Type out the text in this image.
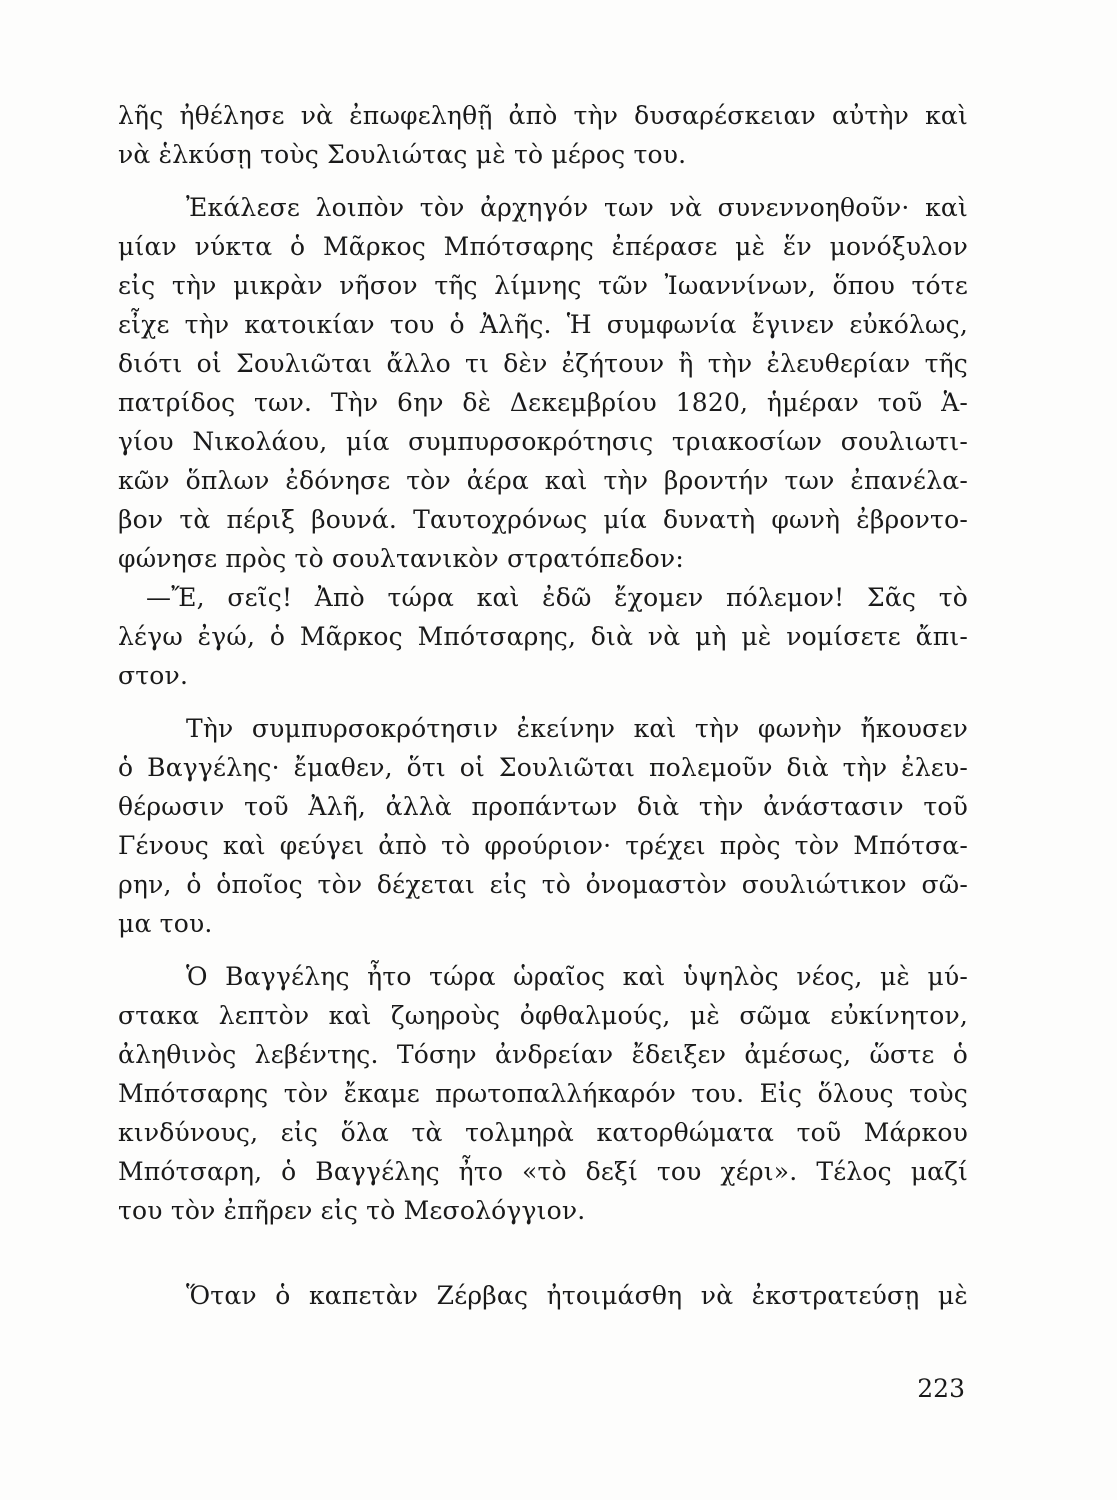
λῆς ἠθέλησε νὰ ἐπωφεληθῇ ἀπὸ τὴν δυσαρέσκειαν αὐτὴν καὶ
νὰ ἑλκύσῃ τοὺς Σουλιώτας μὲ τὸ μέρος του.
Ἐκάλεσε λοιπὸν τὸν ἀρχηγόν των νὰ συνεννοηθοῦν· καὶ
μίαν νύκτα ὁ Μᾶρκος Μπότσαρης ἐπέρασε μὲ ἕν μονόξυλον
εἰς τὴν μικρὰν νῆσον τῆς λίμνης τῶν Ἰωαννίνων, ὅπου τότε
εἶχε τὴν κατοικίαν του ὁ Ἀλῆς. Ἡ συμφωνία ἔγινεν εὐκόλως,
διότι οἱ Σουλιῶται ἄλλο τι δὲν ἐζήτουν ἢ τὴν ἐλευθερίαν τῆς
πατρίδος των. Τὴν 6ην δὲ Δεκεμβρίου 1820, ἡμέραν τοῦ Ἁ-
γίου Νικολάου, μία συμπυρσοκρότησις τριακοσίων σουλιωτι-
κῶν ὅπλων ἐδόνησε τὸν ἀέρα καὶ τὴν βροντήν των ἐπανέλα-
βον τὰ πέριξ βουνά. Ταυτοχρόνως μία δυνατὴ φωνὴ ἐβροντο-
φώνησε πρὸς τὸ σουλτανικὸν στρατόπεδον:
—Ἔ, σεῖς! Ἀπὸ τώρα καὶ ἐδῶ ἔχομεν πόλεμον! Σᾶς τὸ
λέγω ἐγώ, ὁ Μᾶρκος Μπότσαρης, διὰ νὰ μὴ μὲ νομίσετε ἄπι-
στον.
Τὴν συμπυρσοκρότησιν ἐκείνην καὶ τὴν φωνὴν ἤκουσεν
ὁ Βαγγέλης· ἔμαθεν, ὅτι οἱ Σουλιῶται πολεμοῦν διὰ τὴν ἐλευ-
θέρωσιν τοῦ Ἀλῆ, ἀλλὰ προπάντων διὰ τὴν ἀνάστασιν τοῦ
Γένους καὶ φεύγει ἀπὸ τὸ φρούριον· τρέχει πρὸς τὸν Μπότσα-
ρην, ὁ ὁποῖος τὸν δέχεται εἰς τὸ ὀνομαστὸν σουλιώτικον σῶ-
μα του.
Ὁ Βαγγέλης ἦτο τώρα ὡραῖος καὶ ὑψηλὸς νέος, μὲ μύ-
στακα λεπτὸν καὶ ζωηροὺς ὀφθαλμούς, μὲ σῶμα εὐκίνητον,
ἀληθινὸς λεβέντης. Τόσην ἀνδρείαν ἔδειξεν ἀμέσως, ὥστε ὁ
Μπότσαρης τὸν ἔκαμε πρωτοπαλλήκαρόν του. Εἰς ὅλους τοὺς
κινδύνους, εἰς ὅλα τὰ τολμηρὰ κατορθώματα τοῦ Μάρκου
Μπότσαρη, ὁ Βαγγέλης ἦτο «τὸ δεξί του χέρι». Τέλος μαζί
του τὸν ἐπῆρεν εἰς τὸ Μεσολόγγιον.
Ὅταν ὁ καπετὰν Ζέρβας ἠτοιμάσθη νὰ ἐκστρατεύσῃ μὲ
223
